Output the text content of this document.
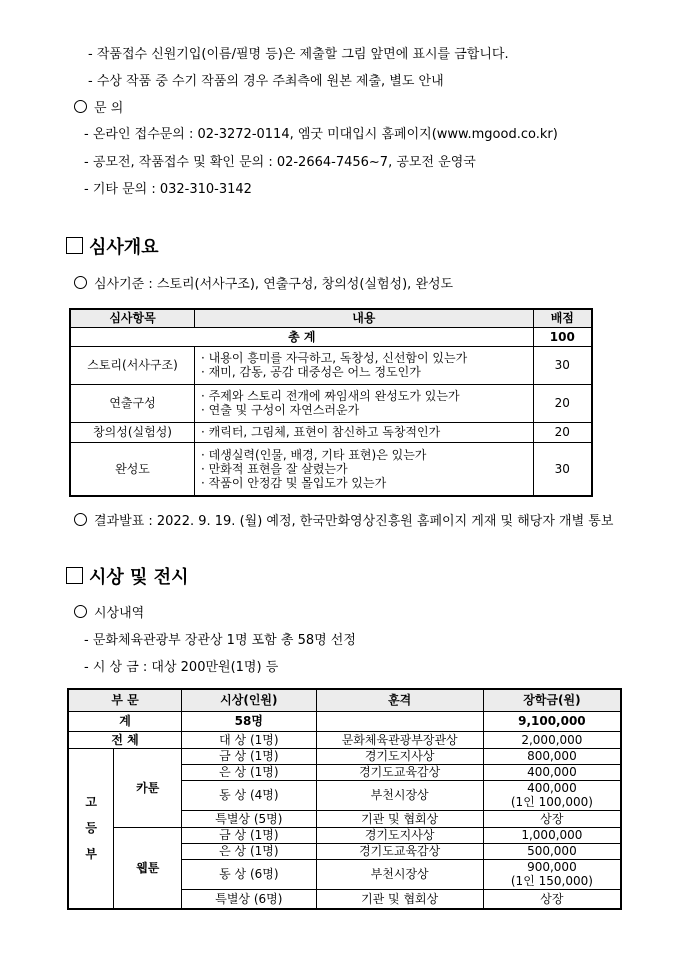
- 작품접수 신원기입(이름/필명 등)은 제출할 그림 앞면에 표시를 금합니다.
- 수상 작품 중 수기 작품의 경우 주최측에 원본 제출, 별도 안내
문 의
- 온라인 접수문의 : 02-3272-0114, 엠굿 미대입시 홈페이지(www.mgood.co.kr)
- 공모전, 작품접수 및 확인 문의 : 02-2664-7456~7, 공모전 운영국
- 기타 문의 : 032-310-3142
심사개요
심사기준 : 스토리(서사구조), 연출구성, 창의성(실험성), 완성도
심사항목	내용	배점
총 계		100
스토리(서사구조)	· 내용이 흥미를 자극하고, 독창성, 신선함이 있는가
· 재미, 감동, 공감 대중성은 어느 정도인가	30
연출구성	· 주제와 스토리 전개에 짜임새의 완성도가 있는가
· 연출 및 구성이 자연스러운가	20
창의성(실험성)	· 캐릭터, 그림체, 표현이 참신하고 독창적인가	20
완성도	· 데생실력(인물, 배경, 기타 표현)은 있는가
· 만화적 표현을 잘 살렸는가
· 작품이 안정감 및 몰입도가 있는가	30
결과발표 : 2022. 9. 19. (월) 예정, 한국만화영상진흥원 홈페이지 게재 및 해당자 개별 통보
시상 및 전시
시상내역
- 문화체육관광부 장관상 1명 포함 총 58명 선정
- 시 상 금 : 대상 200만원(1명) 등
부 문		시상(인원)	훈격	장학금(원)
계		58명		9,100,000
전 체		대 상 (1명)	문화체육관광부장관상	2,000,000
고

등

부	카툰	금 상 (1명)	경기도지사상	800,000
		은 상 (1명)	경기도교육감상	400,000
		동 상 (4명)	부천시장상	400,000
(1인 100,000)

		특별상 (5명)	기관 및 협회상	상장
	웹툰	금 상 (1명)	경기도지사상	1,000,000
		은 상 (1명)	경기도교육감상	500,000
		동 상 (6명)	부천시장상	900,000
(1인 150,000)

		특별상 (6명)	기관 및 협회상	상장
